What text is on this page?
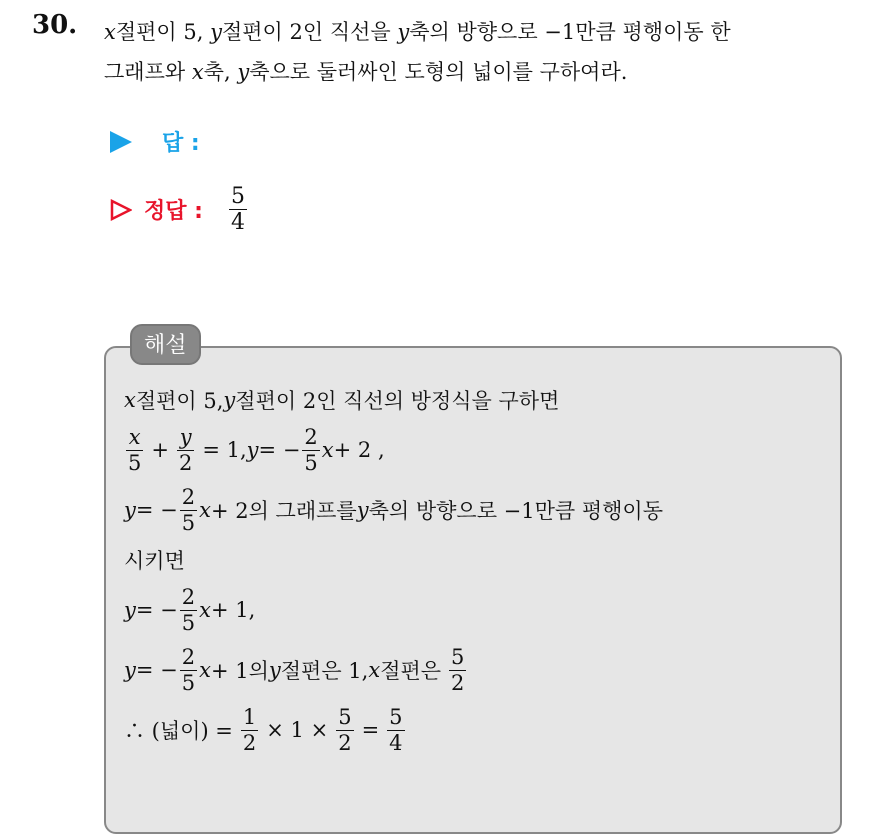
30. x절편이 5, y절편이 2인 직선을 y축의 방향으로 −1만큼 평행이동 한
그래프와 x축, y축으로 둘러싸인 도형의 넓이를 구하여라.
답 :
정답 : $\frac{5}{4}$
해설
x 절편이 5, y 절편이 2인 직선의 방정식을 구하면
$\frac{x}{5} + \frac{y}{2} = 1$, y = − $\frac{2}{5}$ x + 2 ,
y = − $\frac{2}{5}$ x + 2의 그래프를 y 축의 방향으로 −1만큼 평행이동
시키면
y = − $\frac{2}{5}$ x + 1,
y = − $\frac{2}{5}$ x + 1의 y 절편은 1, x 절편은 $\frac{5}{2}$
∴ (넓이) = $\frac{1}{2} \times 1 \times \frac{5}{2} = \frac{5}{4}$
